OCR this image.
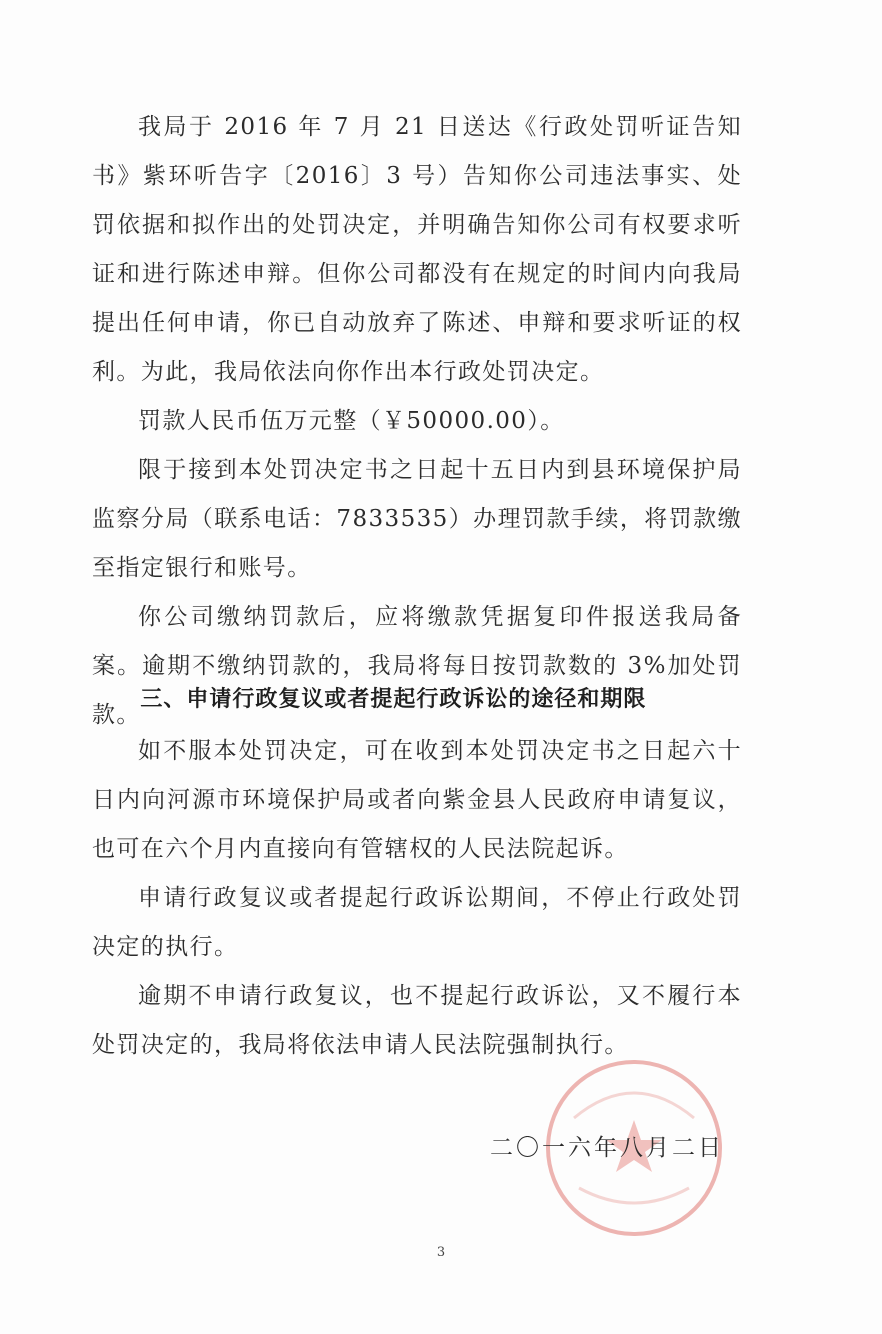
我局于 2016 年 7 月 21 日送达《行政处罚听证告知书》紫环听告字〔2016〕3 号）告知你公司违法事实、处罚依据和拟作出的处罚决定，并明确告知你公司有权要求听证和进行陈述申辩。但你公司都没有在规定的时间内向我局提出任何申请，你已自动放弃了陈述、申辩和要求听证的权利。为此，我局依法向你作出本行政处罚决定。

罚款人民币伍万元整（￥50000.00）。

限于接到本处罚决定书之日起十五日内到县环境保护局监察分局（联系电话：7833535）办理罚款手续，将罚款缴至指定银行和账号。

你公司缴纳罚款后，应将缴款凭据复印件报送我局备案。逾期不缴纳罚款的，我局将每日按罚款数的 3%加处罚款。

三、申请行政复议或者提起行政诉讼的途径和期限

如不服本处罚决定，可在收到本处罚决定书之日起六十日内向河源市环境保护局或者向紫金县人民政府申请复议，也可在六个月内直接向有管辖权的人民法院起诉。

申请行政复议或者提起行政诉讼期间，不停止行政处罚决定的执行。

逾期不申请行政复议，也不提起行政诉讼，又不履行本处罚决定的，我局将依法申请人民法院强制执行。

二〇一六年八月二日
3
